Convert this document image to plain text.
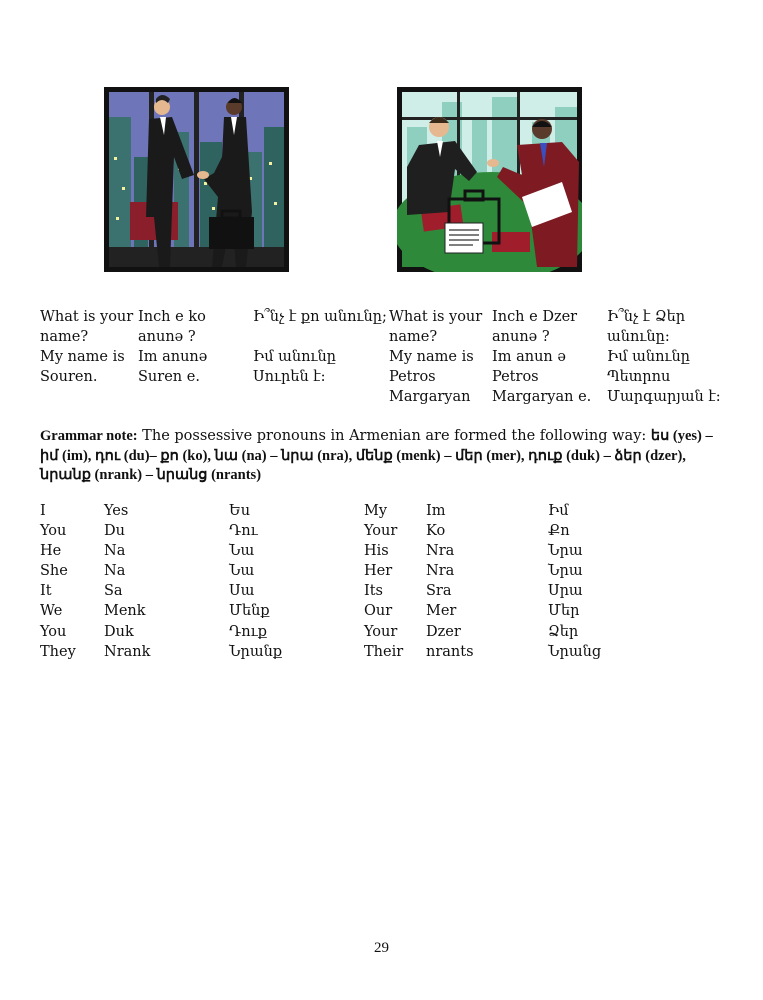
What is your
name?
My name is
Souren.
Inch e ko
anunə ?
Im anunə
Suren e.
Ի՞նչ է քո անունը;

Իմ անունը
Սուրեն է:
What is your
name?
My name is
Petros
Margaryan
Inch e Dzer
anunə ?
Im anun ə
Petros
Margaryan e.
Ի՞նչ է Ձեր
անունը:
Իմ անունը
Պետրոս
Մարգարյան է:
Grammar note: The possessive pronouns in Armenian are formed the following way: ես (yes) – իմ (im), դու (du)– քո (ko), նա (na) – նրա (nra), մենք (menk) – մեր (mer), դուք (duk) – ձեր (dzer), նրանք (nrank) – նրանց (nrants)
I
You
He
She
It
We
You
They
Yes
Du
Na
Na
Sa
Menk
Duk
Nrank
Ես
Դու
Նա
Նա
Սա
Մենք
Դուք
Նրանք
My
Your
His
Her
Its
Our
Your
Their
Im
Ko
Nra
Nra
Sra
Mer
Dzer
nrants
Իմ
Քո
Նրա
Նրա
Սրա
Մեր
Ձեր
Նրանց
29
